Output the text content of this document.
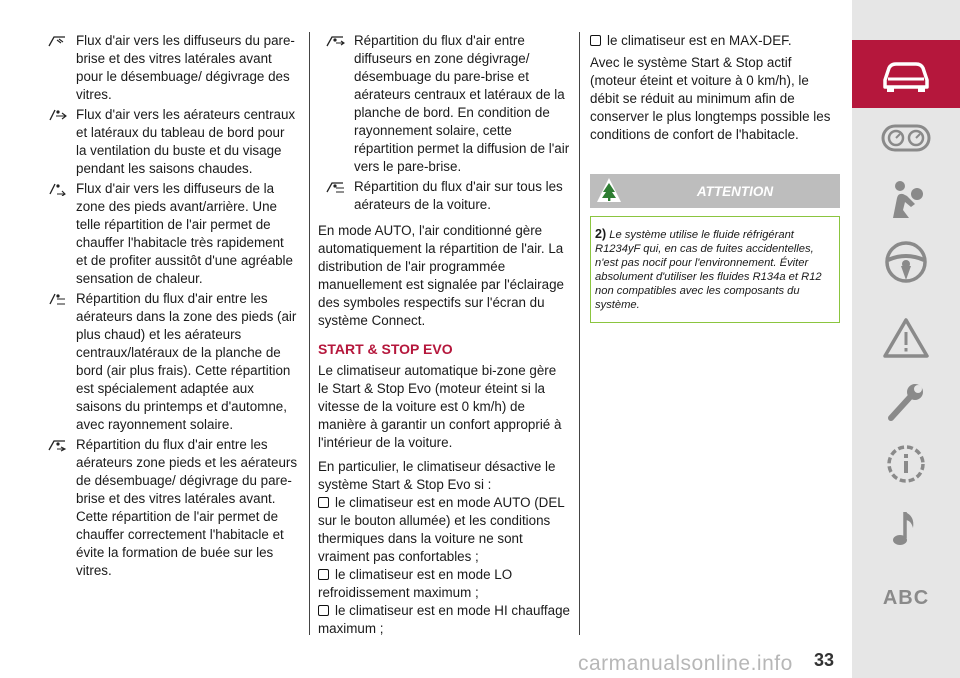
Flux d'air vers les diffuseurs du pare-brise et des vitres latérales avant pour le désembuage/ dégivrage des vitres.
Flux d'air vers les aérateurs centraux et latéraux du tableau de bord pour la ventilation du buste et du visage pendant les saisons chaudes.
Flux d'air vers les diffuseurs de la zone des pieds avant/arrière. Une telle répartition de l'air permet de chauffer l'habitacle très rapidement et de profiter aussitôt d'une agréable sensation de chaleur.
Répartition du flux d'air entre les aérateurs dans la zone des pieds (air plus chaud) et les aérateurs centraux/latéraux de la planche de bord (air plus frais). Cette répartition est spécialement adaptée aux saisons du printemps et d'automne, avec rayonnement solaire.
Répartition du flux d'air entre les aérateurs zone pieds et les aérateurs de désembuage/ dégivrage du pare-brise et des vitres latérales avant. Cette répartition de l'air permet de chauffer correctement l'habitacle et évite la formation de buée sur les vitres.
Répartition du flux d'air entre diffuseurs en zone dégivrage/ désembuage du pare-brise et aérateurs centraux et latéraux de la planche de bord. En condition de rayonnement solaire, cette répartition permet la diffusion de l'air vers le pare-brise.
Répartition du flux d'air sur tous les aérateurs de la voiture.

En mode AUTO, l'air conditionné gère automatiquement la répartition de l'air. La distribution de l'air programmée manuellement est signalée par l'éclairage des symboles respectifs sur l'écran du système Connect.

START & STOP EVO

Le climatiseur automatique bi-zone gère le Start & Stop Evo (moteur éteint si la vitesse de la voiture est 0 km/h) de manière à garantir un confort approprié à l'intérieur de la voiture.

En particulier, le climatiseur désactive le système Start & Stop Evo si :

le climatiseur est en mode AUTO (DEL sur le bouton allumée) et les conditions thermiques dans la voiture ne sont vraiment pas confortables ;
le climatiseur est en mode LO refroidissement maximum ;
le climatiseur est en mode HI chauffage maximum ;
le climatiseur est en MAX-DEF.

Avec le système Start & Stop actif (moteur éteint et voiture à 0 km/h), le débit se réduit au minimum afin de conserver le plus longtemps possible les conditions de confort de l'habitacle.

ATTENTION
2) Le système utilise le fluide réfrigérant R1234yF qui, en cas de fuites accidentelles, n'est pas nocif pour l'environnement. Éviter absolument d'utiliser les fluides R134a et R12 non compatibles avec les composants du système.
ABC
carmanualsonline.info 33
